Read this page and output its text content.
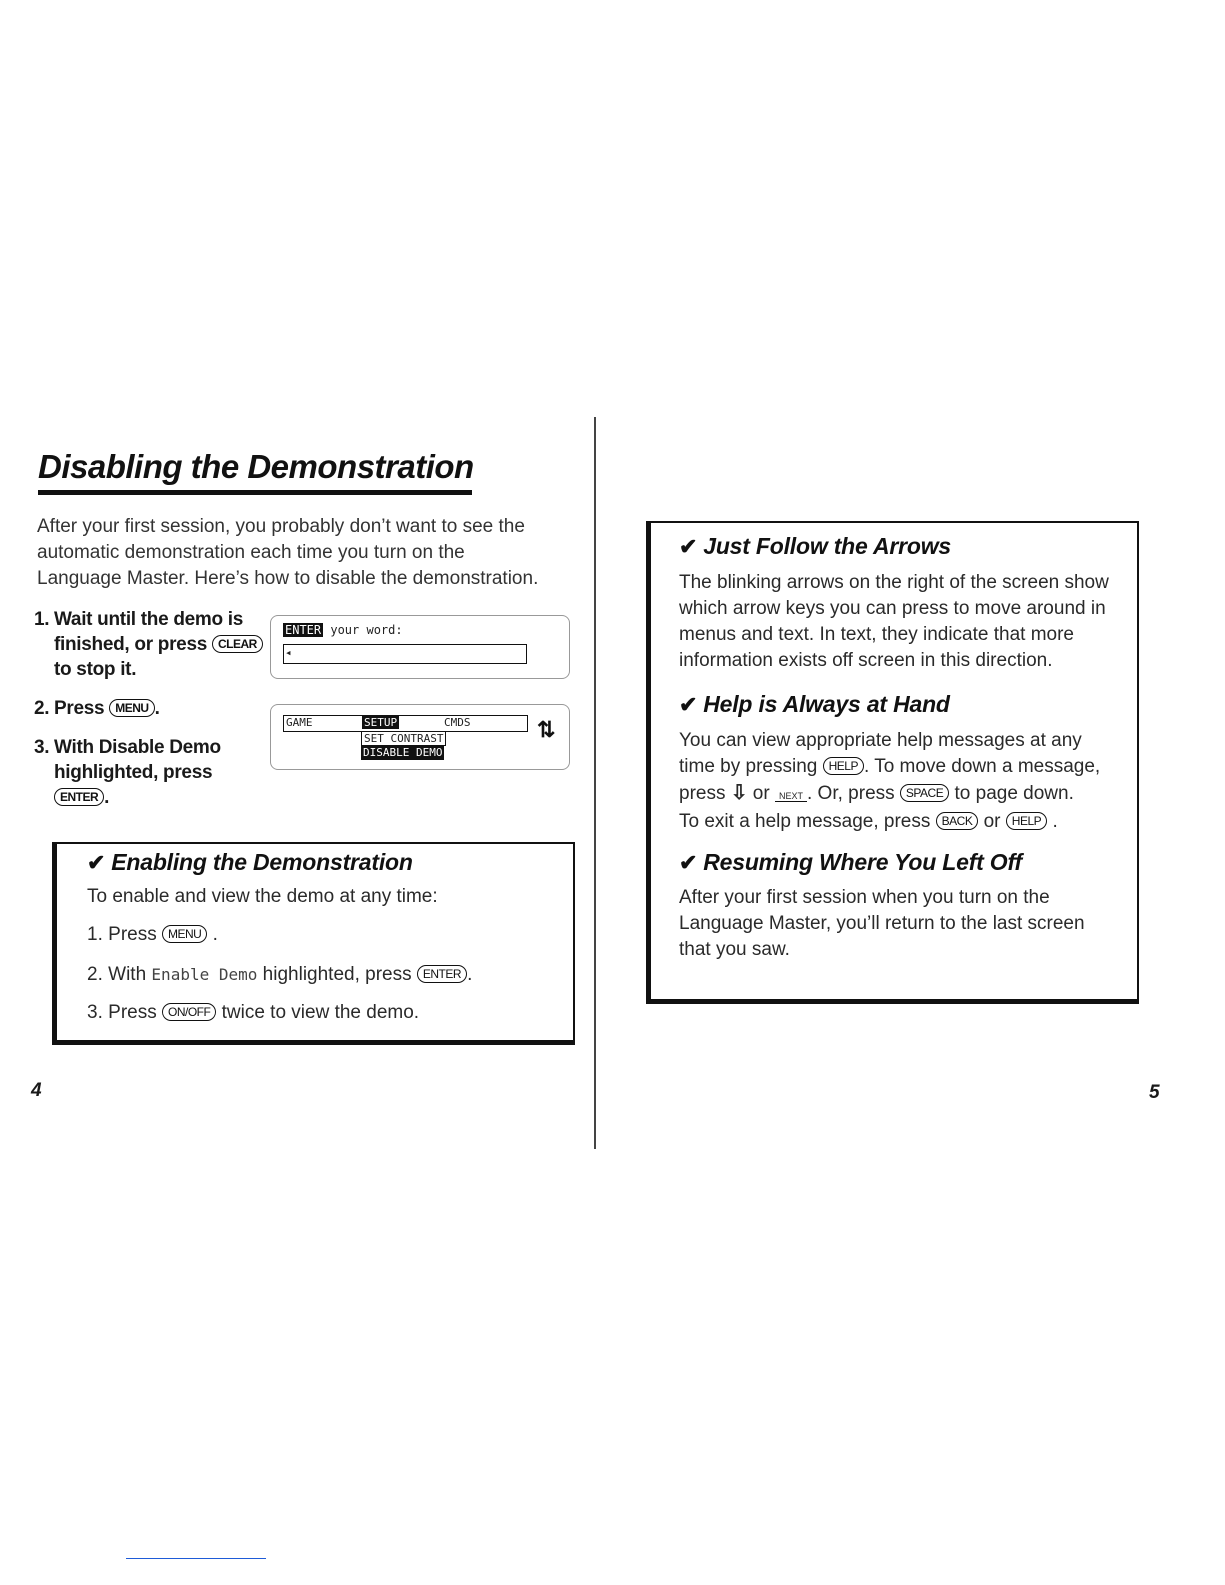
Disabling the Demonstration
After your first session, you probably don’t want to see the
automatic demonstration each time you turn on the
Language Master. Here’s how to disable the demonstration.
1. Wait until the demo is finished, or press CLEAR to stop it.
2. Press MENU .
3. With Disable Demo highlighted, press ENTER .
ENTER your word:
◂
GAME	SETUP	CMDS
SET CONTRAST
DISABLE DEMO
⇅
✔ Enabling the Demonstration
To enable and view the demo at any time:
1. Press MENU .
2. With Enable Demo highlighted, press ENTER .
3. Press ON/OFF twice to view the demo.
4
✔ Just Follow the Arrows
The blinking arrows on the right of the screen show
which arrow keys you can press to move around in
menus and text. In text, they indicate that more
information exists off screen in this direction.
✔ Help is Always at Hand
You can view appropriate help messages at any
time by pressing HELP . To move down a message,
press ⇩ or NEXT . Or, press SPACE to page down.
To exit a help message, press BACK or HELP .
✔ Resuming Where You Left Off
After your first session when you turn on the
Language Master, you’ll return to the last screen
that you saw.
5
